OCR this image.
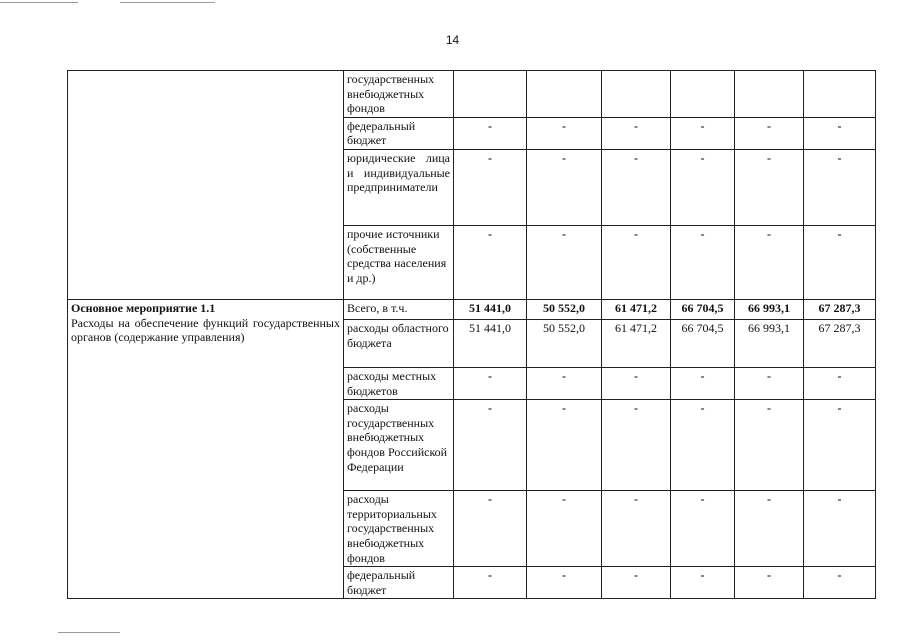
14
	государственных внебюджетных фондов						
	федеральный бюджет	-	-	-	-	-	-
	юридические лица и индивидуальные предприниматели	-	-	-	-	-	-
	прочие источники (собственные средства населения и др.)	-	-	-	-	-	-

Основное мероприятие 1.1
Расходы на обеспечение функций государственных органов (содержание управления)	Всего, в т.ч.	51 441,0	50 552,0	61 471,2	66 704,5	66 993,1	67 287,3
	расходы областного бюджета	51 441,0	50 552,0	61 471,2	66 704,5	66 993,1	67 287,3
	расходы местных бюджетов	-	-	-	-	-	-
	расходы государственных внебюджетных фондов Российской Федерации	-	-	-	-	-	-
	расходы территориальных государственных внебюджетных фондов	-	-	-	-	-	-
	федеральный бюджет	-	-	-	-	-	-
